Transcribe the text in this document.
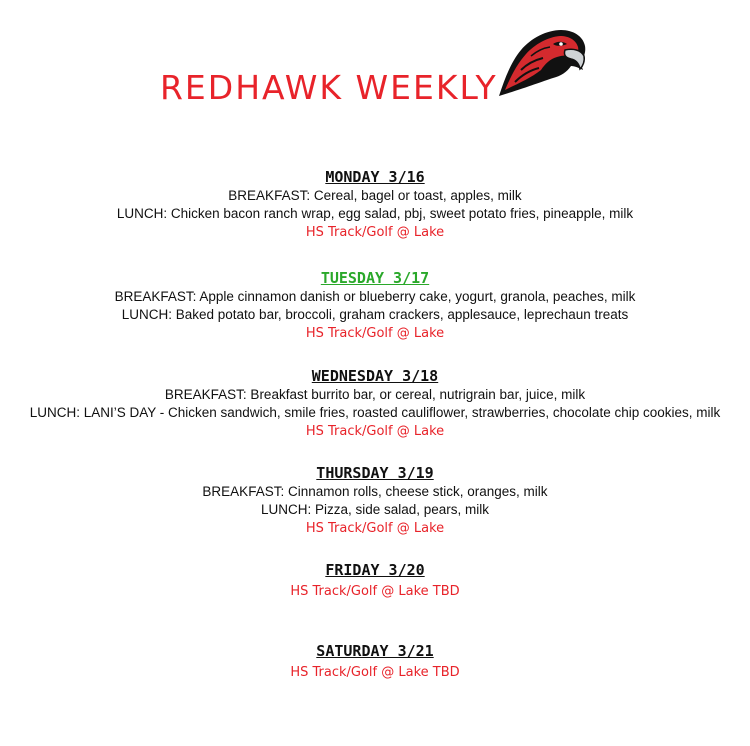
REDHAWK WEEKLY
MONDAY 3/16
BREAKFAST: Cereal, bagel or toast, apples, milk
LUNCH: Chicken bacon ranch wrap, egg salad, pbj, sweet potato fries, pineapple, milk
HS Track/Golf @ Lake
TUESDAY 3/17
BREAKFAST: Apple cinnamon danish or blueberry cake, yogurt, granola, peaches, milk
LUNCH: Baked potato bar, broccoli, graham crackers, applesauce, leprechaun treats
HS Track/Golf @ Lake
WEDNESDAY 3/18
BREAKFAST: Breakfast burrito bar, or cereal, nutrigrain bar, juice, milk
LUNCH: LANI’S DAY - Chicken sandwich, smile fries, roasted cauliflower, strawberries, chocolate chip cookies, milk
HS Track/Golf @ Lake
THURSDAY 3/19
BREAKFAST: Cinnamon rolls, cheese stick, oranges, milk
LUNCH: Pizza, side salad, pears, milk
HS Track/Golf @ Lake
FRIDAY 3/20
HS Track/Golf @ Lake TBD
SATURDAY 3/21
HS Track/Golf @ Lake TBD
